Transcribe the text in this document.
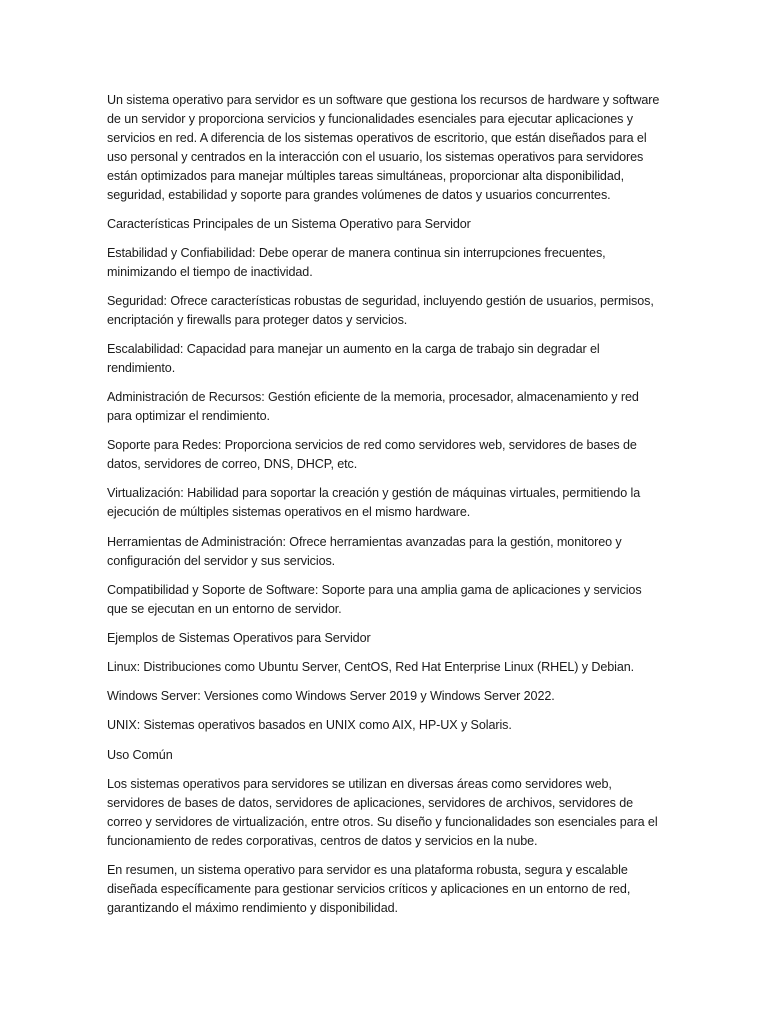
Un sistema operativo para servidor es un software que gestiona los recursos de hardware y software de un servidor y proporciona servicios y funcionalidades esenciales para ejecutar aplicaciones y servicios en red. A diferencia de los sistemas operativos de escritorio, que están diseñados para el uso personal y centrados en la interacción con el usuario, los sistemas operativos para servidores están optimizados para manejar múltiples tareas simultáneas, proporcionar alta disponibilidad, seguridad, estabilidad y soporte para grandes volúmenes de datos y usuarios concurrentes.

Características Principales de un Sistema Operativo para Servidor

Estabilidad y Confiabilidad: Debe operar de manera continua sin interrupciones frecuentes, minimizando el tiempo de inactividad.

Seguridad: Ofrece características robustas de seguridad, incluyendo gestión de usuarios, permisos, encriptación y firewalls para proteger datos y servicios.

Escalabilidad: Capacidad para manejar un aumento en la carga de trabajo sin degradar el rendimiento.

Administración de Recursos: Gestión eficiente de la memoria, procesador, almacenamiento y red para optimizar el rendimiento.

Soporte para Redes: Proporciona servicios de red como servidores web, servidores de bases de datos, servidores de correo, DNS, DHCP, etc.

Virtualización: Habilidad para soportar la creación y gestión de máquinas virtuales, permitiendo la ejecución de múltiples sistemas operativos en el mismo hardware.

Herramientas de Administración: Ofrece herramientas avanzadas para la gestión, monitoreo y configuración del servidor y sus servicios.

Compatibilidad y Soporte de Software: Soporte para una amplia gama de aplicaciones y servicios que se ejecutan en un entorno de servidor.

Ejemplos de Sistemas Operativos para Servidor

Linux: Distribuciones como Ubuntu Server, CentOS, Red Hat Enterprise Linux (RHEL) y Debian.

Windows Server: Versiones como Windows Server 2019 y Windows Server 2022.

UNIX: Sistemas operativos basados en UNIX como AIX, HP-UX y Solaris.

Uso Común

Los sistemas operativos para servidores se utilizan en diversas áreas como servidores web, servidores de bases de datos, servidores de aplicaciones, servidores de archivos, servidores de correo y servidores de virtualización, entre otros. Su diseño y funcionalidades son esenciales para el funcionamiento de redes corporativas, centros de datos y servicios en la nube.

En resumen, un sistema operativo para servidor es una plataforma robusta, segura y escalable diseñada específicamente para gestionar servicios críticos y aplicaciones en un entorno de red, garantizando el máximo rendimiento y disponibilidad.
